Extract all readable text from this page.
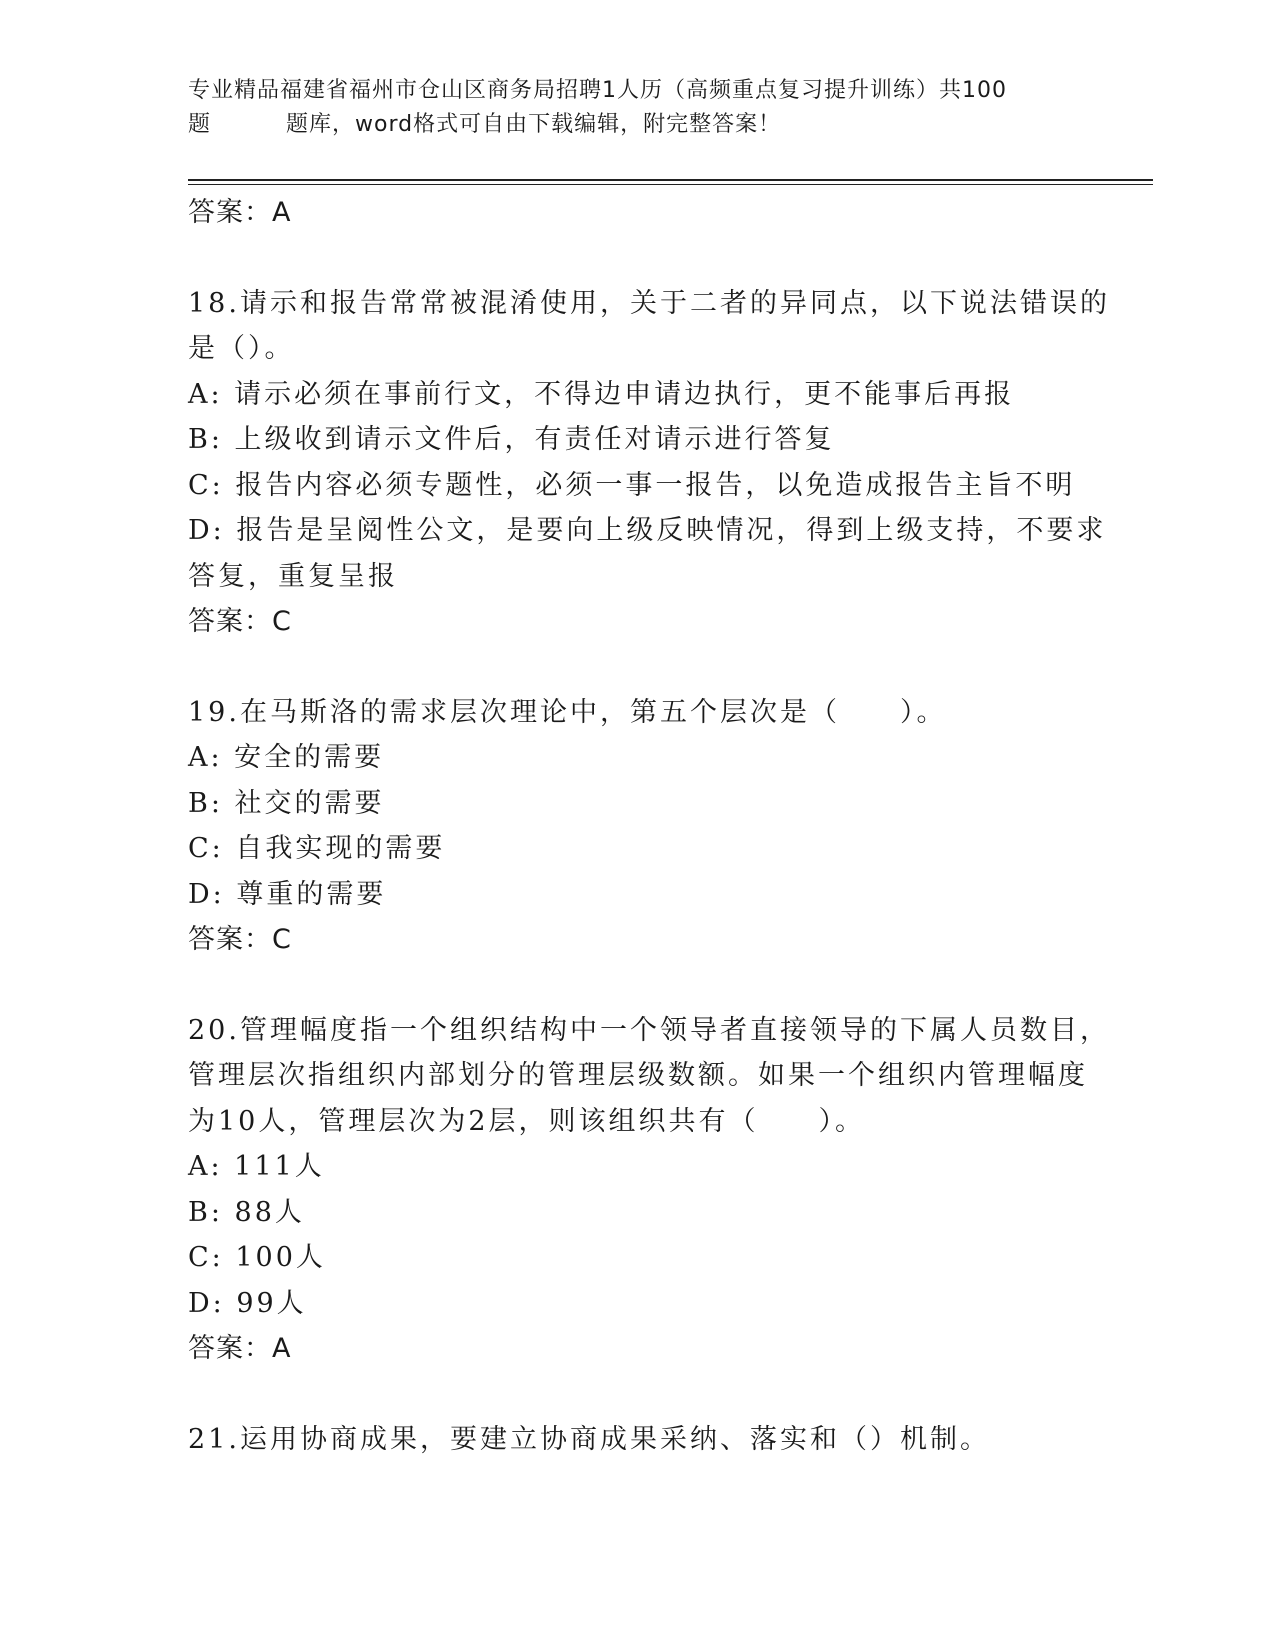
专业精品福建省福州市仓山区商务局招聘1人历（高频重点复习提升训练）共100
题	题库，word格式可自由下载编辑，附完整答案！
答案：A
18.请示和报告常常被混淆使用，关于二者的异同点，以下说法错误的
是（）。
A: 请示必须在事前行文，不得边申请边执行，更不能事后再报
B: 上级收到请示文件后，有责任对请示进行答复
C: 报告内容必须专题性，必须一事一报告，以免造成报告主旨不明
D: 报告是呈阅性公文，是要向上级反映情况，得到上级支持，不要求
答复，重复呈报
答案：C
19.在马斯洛的需求层次理论中，第五个层次是（　　）。
A: 安全的需要
B: 社交的需要
C: 自我实现的需要
D: 尊重的需要
答案：C
20.管理幅度指一个组织结构中一个领导者直接领导的下属人员数目，
管理层次指组织内部划分的管理层级数额。如果一个组织内管理幅度
为10人，管理层次为2层，则该组织共有（　　）。
A: 111人
B: 88人
C: 100人
D: 99人
答案：A
21.运用协商成果，要建立协商成果采纳、落实和（）机制。
